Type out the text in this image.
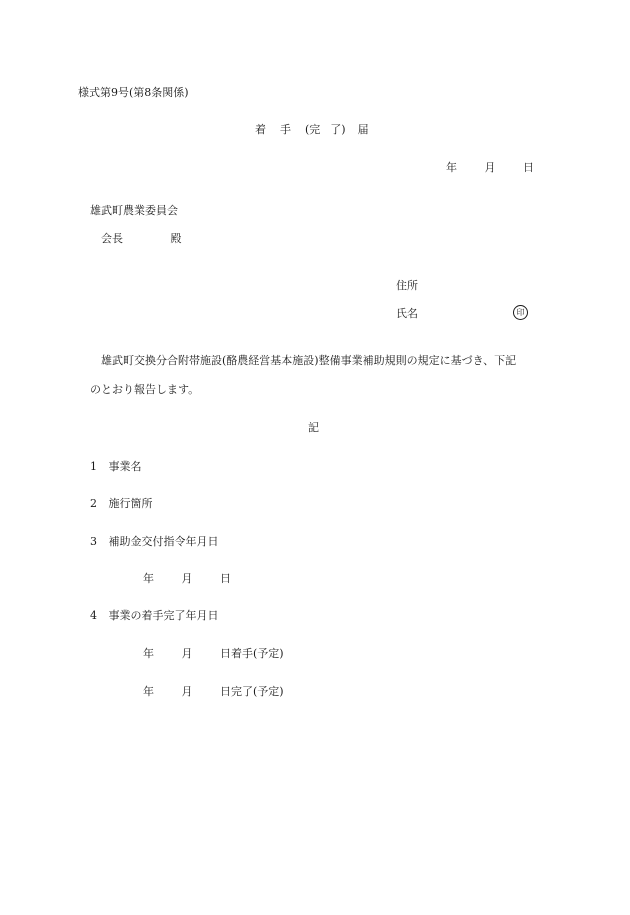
様式第9号(第8条関係)
着 手 (完 了) 届
年	月	日
雄武町農業委員会
会長	殿
住所
氏名	印
雄武町交換分合附帯施設(酪農経営基本施設)整備事業補助規則の規定に基づき、下記
のとおり報告します。
記
1 事業名
2 施行箇所
3 補助金交付指令年月日
年	月	日
4 事業の着手完了年月日
年	月	日着手(予定)
年	月	日完了(予定)
